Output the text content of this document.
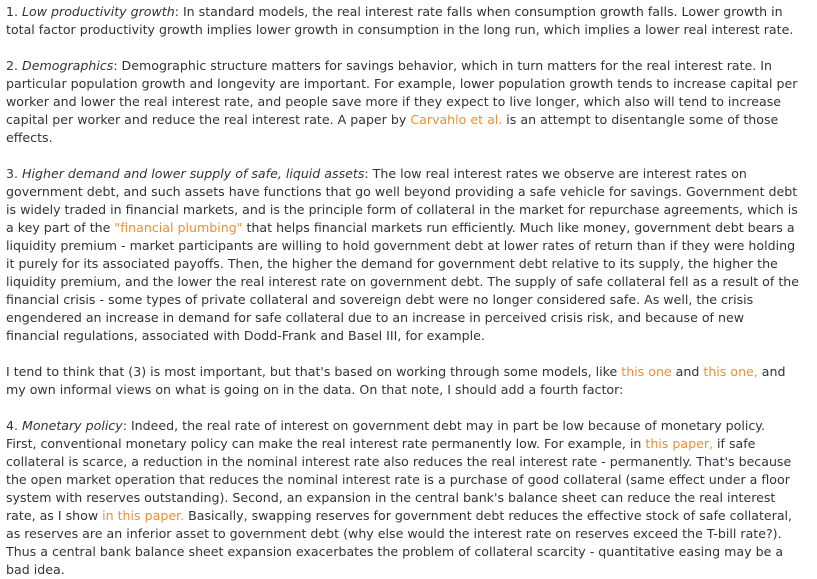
1. Low productivity growth: In standard models, the real interest rate falls when consumption growth falls. Lower growth in total factor productivity growth implies lower growth in consumption in the long run, which implies a lower real interest rate.

2. Demographics: Demographic structure matters for savings behavior, which in turn matters for the real interest rate. In particular population growth and longevity are important. For example, lower population growth tends to increase capital per worker and lower the real interest rate, and people save more if they expect to live longer, which also will tend to increase capital per worker and reduce the real interest rate. A paper by Carvahlo et al. is an attempt to disentangle some of those effects.

3. Higher demand and lower supply of safe, liquid assets: The low real interest rates we observe are interest rates on government debt, and such assets have functions that go well beyond providing a safe vehicle for savings. Government debt is widely traded in financial markets, and is the principle form of collateral in the market for repurchase agreements, which is a key part of the "financial plumbing" that helps financial markets run efficiently. Much like money, government debt bears a liquidity premium - market participants are willing to hold government debt at lower rates of return than if they were holding it purely for its associated payoffs. Then, the higher the demand for government debt relative to its supply, the higher the liquidity premium, and the lower the real interest rate on government debt. The supply of safe collateral fell as a result of the financial crisis - some types of private collateral and sovereign debt were no longer considered safe. As well, the crisis engendered an increase in demand for safe collateral due to an increase in perceived crisis risk, and because of new financial regulations, associated with Dodd-Frank and Basel III, for example.

I tend to think that (3) is most important, but that's based on working through some models, like this one and this one, and my own informal views on what is going on in the data. On that note, I should add a fourth factor:

4. Monetary policy: Indeed, the real rate of interest on government debt may in part be low because of monetary policy. First, conventional monetary policy can make the real interest rate permanently low. For example, in this paper, if safe collateral is scarce, a reduction in the nominal interest rate also reduces the real interest rate - permanently. That's because the open market operation that reduces the nominal interest rate is a purchase of good collateral (same effect under a floor system with reserves outstanding). Second, an expansion in the central bank's balance sheet can reduce the real interest rate, as I show in this paper. Basically, swapping reserves for government debt reduces the effective stock of safe collateral, as reserves are an inferior asset to government debt (why else would the interest rate on reserves exceed the T-bill rate?). Thus a central bank balance sheet expansion exacerbates the problem of collateral scarcity - quantitative easing may be a bad idea.
